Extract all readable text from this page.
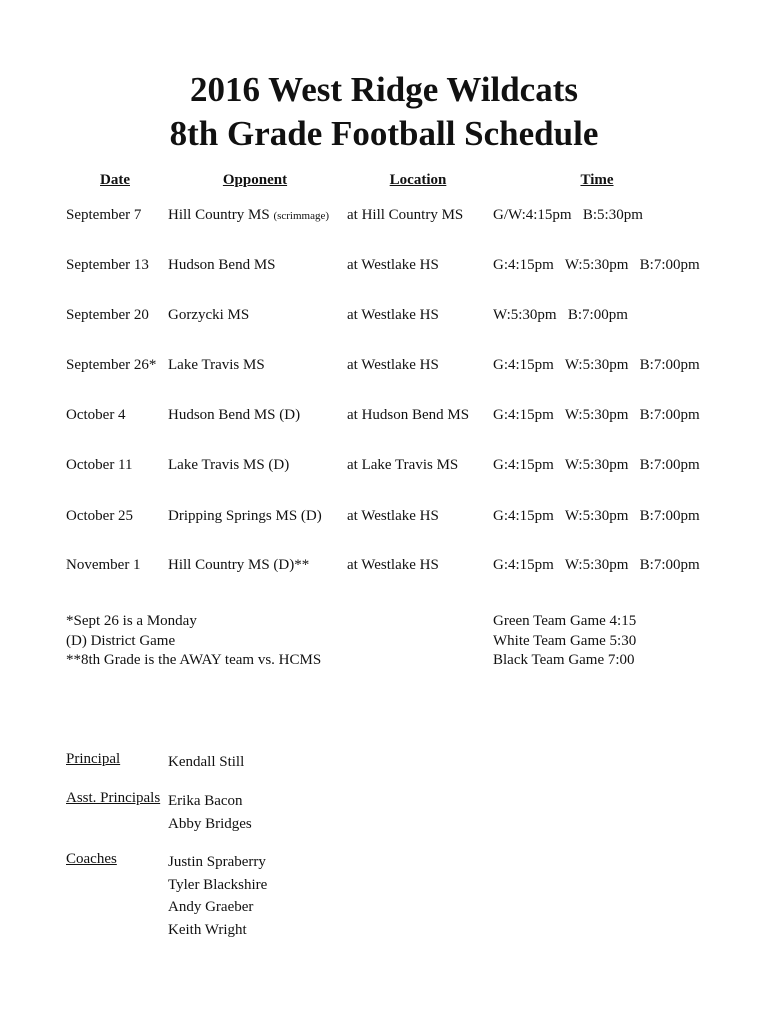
2016 West Ridge Wildcats
8th Grade Football Schedule
Date	Opponent	Location	Time
September 7 Hill Country MS (scrimmage) at Hill Country MS G/W:4:15pm   B:5:30pm
September 13 Hudson Bend MS	at Westlake HS	G:4:15pm   W:5:30pm   B:7:00pm
September 20 Gorzycki MS	at Westlake HS	W:5:30pm   B:7:00pm
September 26* Lake Travis MS	at Westlake HS	G:4:15pm   W:5:30pm   B:7:00pm
October 4	Hudson Bend MS (D)	at Hudson Bend MS G:4:15pm   W:5:30pm   B:7:00pm
October 11 Lake Travis MS (D)	at Lake Travis MS G:4:15pm   W:5:30pm   B:7:00pm
October 25 Dripping Springs MS (D) at Westlake HS	G:4:15pm   W:5:30pm   B:7:00pm
November 1 Hill Country MS (D)**	at Westlake HS	G:4:15pm   W:5:30pm   B:7:00pm
*Sept 26 is a Monday
(D) District Game
**8th Grade is the AWAY team vs. HCMS
Green Team Game 4:15
White Team Game 5:30
Black Team Game 7:00
Principal	Kendall Still
Asst. Principals Erika Bacon
Abby Bridges
Coaches	Justin Spraberry
Tyler Blackshire
Andy Graeber
Keith Wright
